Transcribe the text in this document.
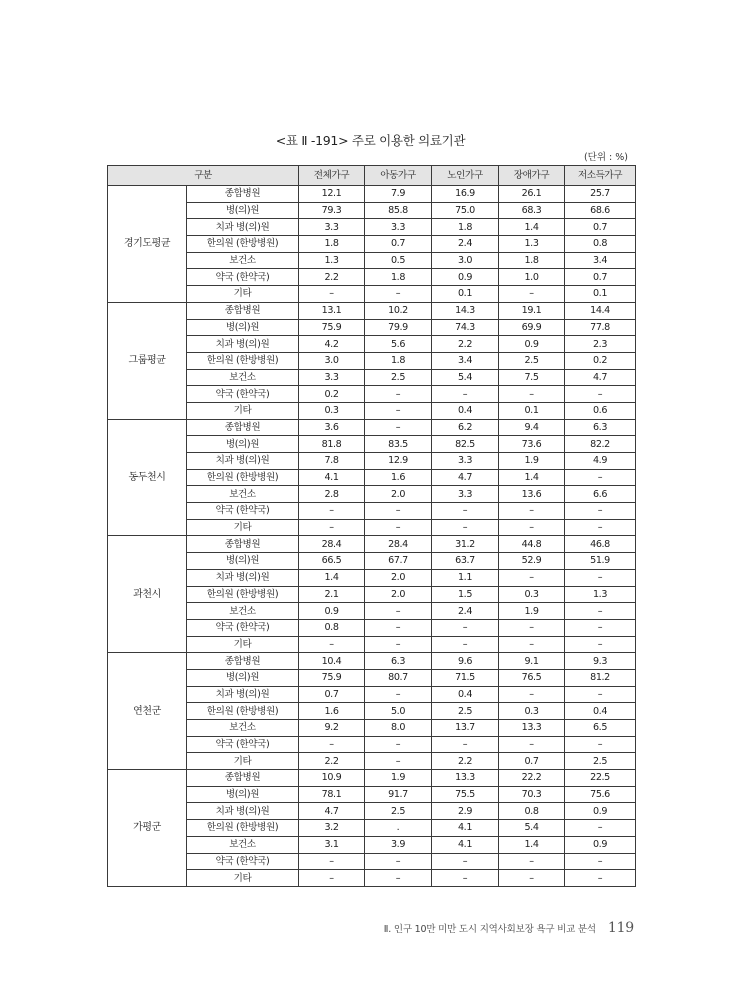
<표 Ⅱ -191> 주로 이용한 의료기관
(단위 : %)
구분		전체가구	아동가구	노인가구	장애가구	저소득가구
경기도평균	종합병원	12.1	7.9	16.9	26.1	25.7
	병(의)원	79.3	85.8	75.0	68.3	68.6
	치과 병(의)원	3.3	3.3	1.8	1.4	0.7
	한의원 (한방병원)	1.8	0.7	2.4	1.3	0.8
	보건소	1.3	0.5	3.0	1.8	3.4
	약국 (한약국)	2.2	1.8	0.9	1.0	0.7
	기타	–	–	0.1	–	0.1
그룹평균	종합병원	13.1	10.2	14.3	19.1	14.4
	병(의)원	75.9	79.9	74.3	69.9	77.8
	치과 병(의)원	4.2	5.6	2.2	0.9	2.3
	한의원 (한방병원)	3.0	1.8	3.4	2.5	0.2
	보건소	3.3	2.5	5.4	7.5	4.7
	약국 (한약국)	0.2	–	–	–	–
	기타	0.3	–	0.4	0.1	0.6
동두천시	종합병원	3.6	–	6.2	9.4	6.3
	병(의)원	81.8	83.5	82.5	73.6	82.2
	치과 병(의)원	7.8	12.9	3.3	1.9	4.9
	한의원 (한방병원)	4.1	1.6	4.7	1.4	–
	보건소	2.8	2.0	3.3	13.6	6.6
	약국 (한약국)	–	–	–	–	–
	기타	–	–	–	–	–
과천시	종합병원	28.4	28.4	31.2	44.8	46.8
	병(의)원	66.5	67.7	63.7	52.9	51.9
	치과 병(의)원	1.4	2.0	1.1	–	–
	한의원 (한방병원)	2.1	2.0	1.5	0.3	1.3
	보건소	0.9	–	2.4	1.9	–
	약국 (한약국)	0.8	–	–	–	–
	기타	–	–	–	–	–
연천군	종합병원	10.4	6.3	9.6	9.1	9.3
	병(의)원	75.9	80.7	71.5	76.5	81.2
	치과 병(의)원	0.7	–	0.4	–	–
	한의원 (한방병원)	1.6	5.0	2.5	0.3	0.4
	보건소	9.2	8.0	13.7	13.3	6.5
	약국 (한약국)	–	–	–	–	–
	기타	2.2	–	2.2	0.7	2.5
가평군	종합병원	10.9	1.9	13.3	22.2	22.5
	병(의)원	78.1	91.7	75.5	70.3	75.6
	치과 병(의)원	4.7	2.5	2.9	0.8	0.9
	한의원 (한방병원)	3.2	.	4.1	5.4	–
	보건소	3.1	3.9	4.1	1.4	0.9
	약국 (한약국)	–	–	–	–	–
	기타	–	–	–	–	–
Ⅱ. 인구 10만 미만 도시 지역사회보장 욕구 비교 분석 119
